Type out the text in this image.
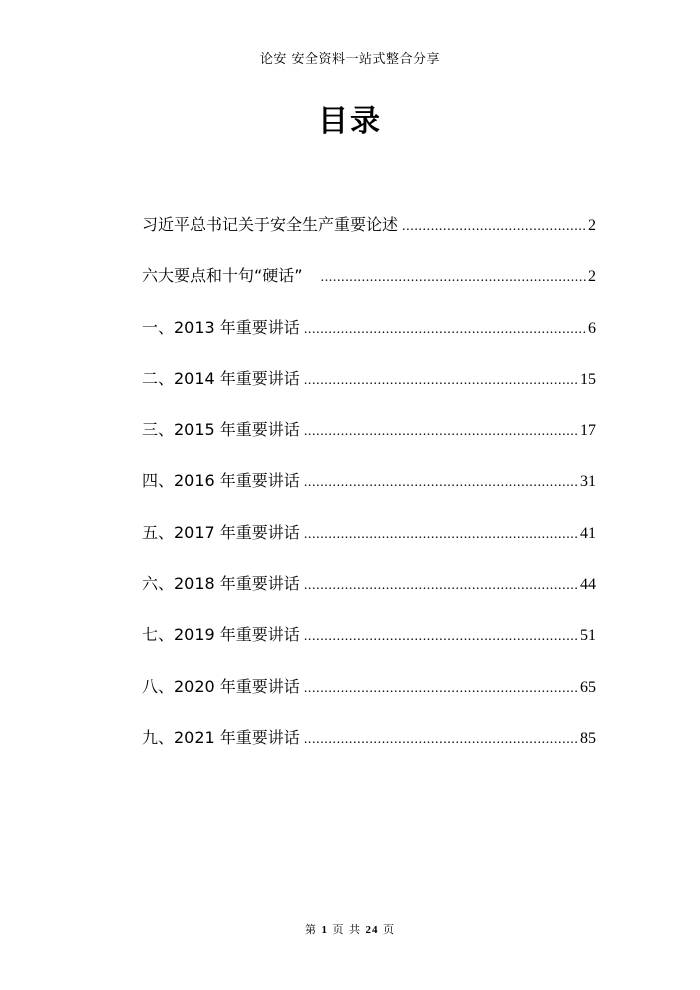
论安 安全资料一站式整合分享
目录
习近平总书记关于安全生产重要论述 .....	2
六大要点和十句“硬话” .....	2
一、2013 年重要讲话 .....	6
二、2014 年重要讲话 .....	15
三、2015 年重要讲话 .....	17
四、2016 年重要讲话 .....	31
五、2017 年重要讲话 .....	41
六、2018 年重要讲话 .....	44
七、2019 年重要讲话 .....	51
八、2020 年重要讲话 .....	65
九、2021 年重要讲话 .....	85
第 1 页 共 24 页
